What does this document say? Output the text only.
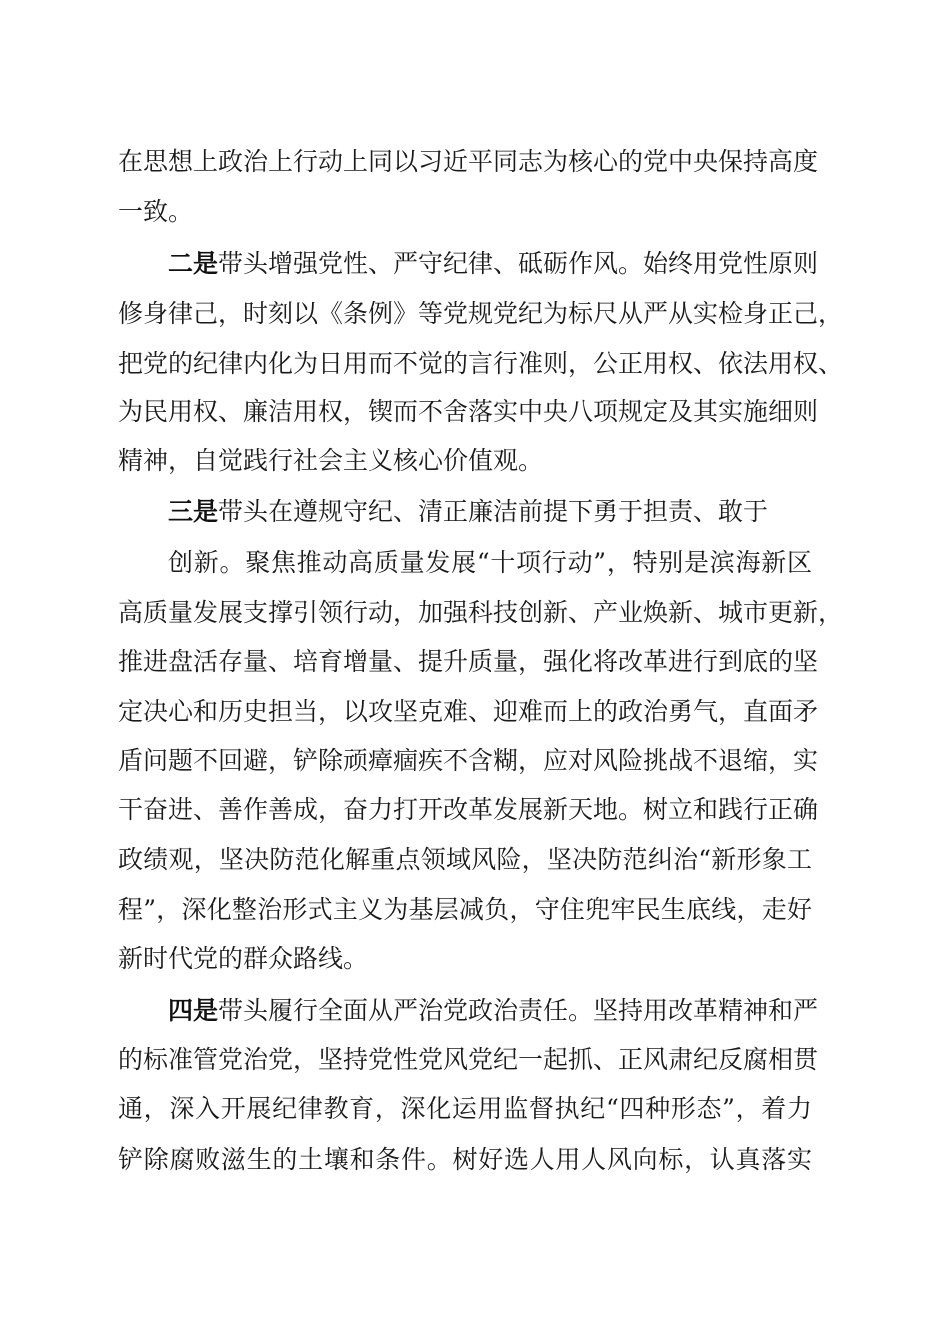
在思想上政治上行动上同以习近平同志为核心的党中央保持高度
一致。
二是带头增强党性、严守纪律、砥砺作风。始终用党性原则
修身律己，时刻以《条例》等党规党纪为标尺从严从实检身正己，
把党的纪律内化为日用而不觉的言行准则，公正用权、依法用权、
为民用权、廉洁用权，锲而不舍落实中央八项规定及其实施细则
精神，自觉践行社会主义核心价值观。
三是带头在遵规守纪、清正廉洁前提下勇于担责、敢于
创新。聚焦推动高质量发展“十项行动”，特别是滨海新区
高质量发展支撑引领行动，加强科技创新、产业焕新、城市更新，
推进盘活存量、培育增量、提升质量，强化将改革进行到底的坚
定决心和历史担当，以攻坚克难、迎难而上的政治勇气，直面矛
盾问题不回避，铲除顽瘴痼疾不含糊，应对风险挑战不退缩，实
干奋进、善作善成，奋力打开改革发展新天地。树立和践行正确
政绩观，坚决防范化解重点领域风险，坚决防范纠治“新形象工
程”，深化整治形式主义为基层减负，守住兜牢民生底线，走好
新时代党的群众路线。
四是带头履行全面从严治党政治责任。坚持用改革精神和严
的标准管党治党，坚持党性党风党纪一起抓、正风肃纪反腐相贯
通，深入开展纪律教育，深化运用监督执纪“四种形态”，着力
铲除腐败滋生的土壤和条件。树好选人用人风向标，认真落实
